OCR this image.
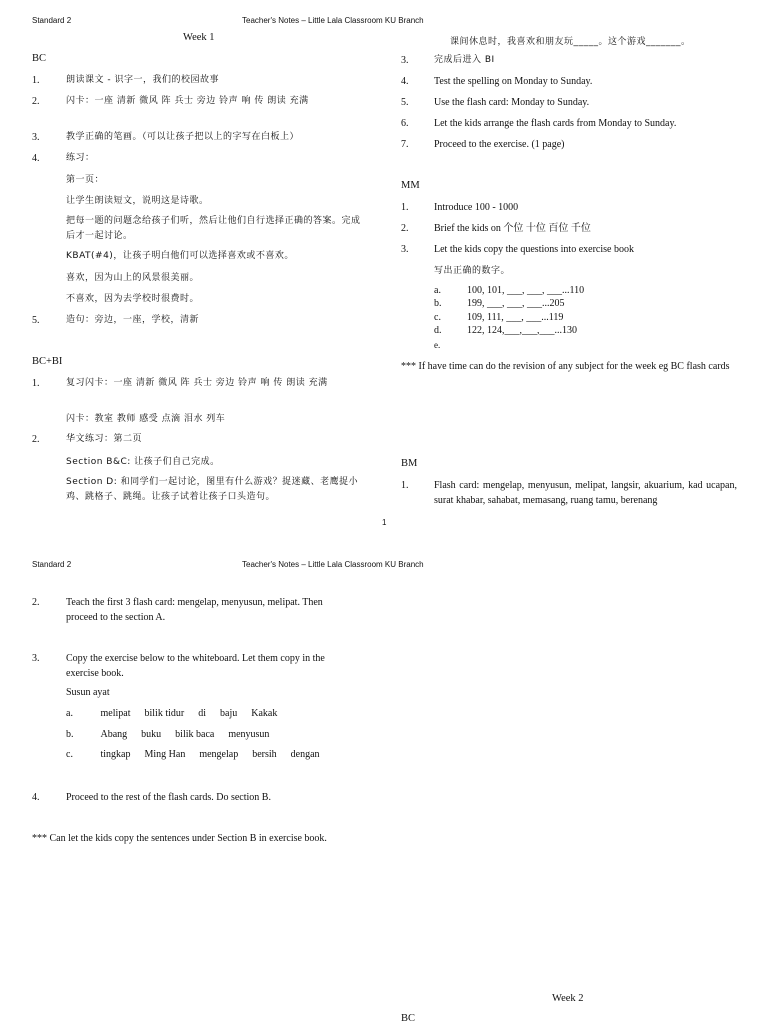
Standard 2	Teacher's Notes – Little Lala Classroom KU Branch
Week 1	课间休息时，我喜欢和朋友玩_____。这个游戏_______。
BC
1.	朗读课文 - 识字一，我们的校园故事
2.	闪卡：一座 清新 微风 阵 兵士 旁边 铃声 响 传 朗读 充满
3.	教学正确的笔画。（可以让孩子把以上的字写在白板上）
4.	练习：
第一页：
让学生朗读短文，说明这是诗歌。
把每一题的问题念给孩子们听，然后让他们自行选择正确的答案。完成后才一起讨论。
KBAT(#4)，让孩子明白他们可以选择喜欢或不喜欢。
喜欢，因为山上的风景很美丽。
不喜欢，因为去学校时很费时。
5.	造句：旁边，一座，学校，清新
BC+BI
1.	复习闪卡：一座 清新 微风 阵 兵士 旁边 铃声 响 传 朗读 充满
闪卡：教室 教师 感受 点滴 泪水 列车
2.	华文练习：第二页
Section B&C: 让孩子们自己完成。
Section D: 和同学们一起讨论，图里有什么游戏？捉迷藏、老鹰捉小鸡、跳格子、跳绳。让孩子试着让孩子口头造句。
3.	完成后进入 BI
4.	Test the spelling on Monday to Sunday.
5.	Use the flash card: Monday to Sunday.
6.	Let the kids arrange the flash cards from Monday to Sunday.
7.	Proceed to the exercise. (1 page)
MM
1.	Introduce 100 - 1000
2.	Brief the kids on 个位 十位 百位 千位
3.	Let the kids copy the questions into exercise book
写出正确的数字。
a.	100, 101, ___, ___, ___...110
b.	199, ___, ___, ___...205
c.	109, 111, ___, ___...119
d.	122, 124,___,___,___...130
e.
*** If have time can do the revision of any subject for the week eg BC flash cards
BM
1.	Flash card: mengelap, menyusun, melipat, langsir, akuarium, kad ucapan, surat khabar, sahabat, memasang, ruang tamu, berenang
1
Standard 2	Teacher's Notes – Little Lala Classroom KU Branch
2.	Teach the first 3 flash card: mengelap, menyusun, melipat. Then proceed to the section A.
3.	Copy the exercise below to the whiteboard. Let them copy in the exercise book.
Susun ayat
a.	melipat bilik tidur di baju Kakak
b.	Abang buku bilik baca menyusun
c.	tingkap Ming Han mengelap bersih dengan
4.	Proceed to the rest of the flash cards. Do section B.
*** Can let the kids copy the sentences under Section B in exercise book.
Week 2
BC
